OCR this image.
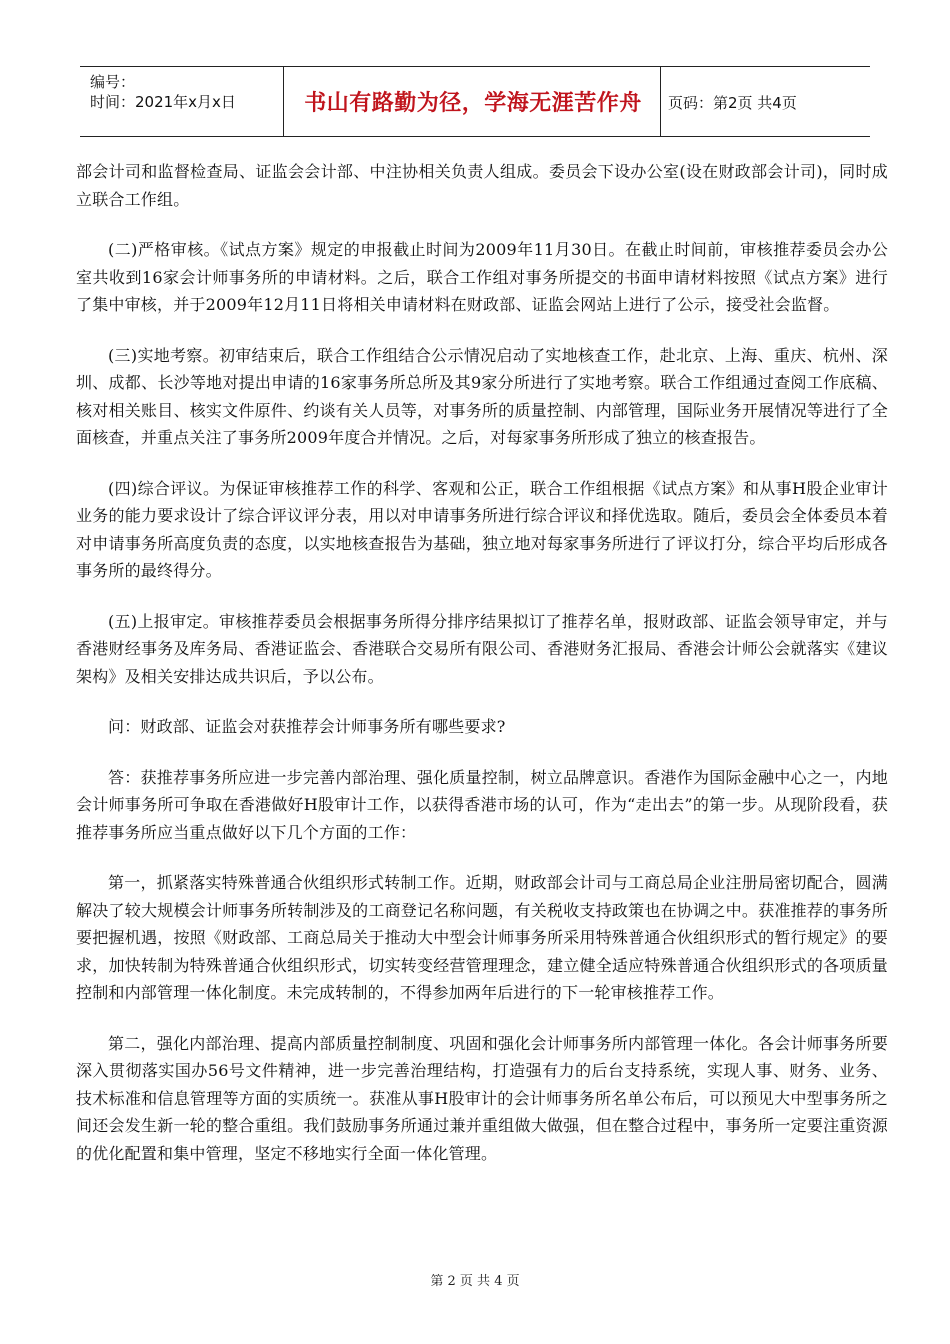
编号：
时间：2021年x月x日	书山有路勤为径，学海无涯苦作舟	页码：第2页 共4页

部会计司和监督检查局、证监会会计部、中注协相关负责人组成。委员会下设办公室(设在财政部会计司)，同时成立联合工作组。

(二)严格审核。《试点方案》规定的申报截止时间为2009年11月30日。在截止时间前，审核推荐委员会办公室共收到16家会计师事务所的申请材料。之后，联合工作组对事务所提交的书面申请材料按照《试点方案》进行了集中审核，并于2009年12月11日将相关申请材料在财政部、证监会网站上进行了公示，接受社会监督。

(三)实地考察。初审结束后，联合工作组结合公示情况启动了实地核查工作，赴北京、上海、重庆、杭州、深圳、成都、长沙等地对提出申请的16家事务所总所及其9家分所进行了实地考察。联合工作组通过查阅工作底稿、核对相关账目、核实文件原件、约谈有关人员等，对事务所的质量控制、内部管理，国际业务开展情况等进行了全面核查，并重点关注了事务所2009年度合并情况。之后，对每家事务所形成了独立的核查报告。

(四)综合评议。为保证审核推荐工作的科学、客观和公正，联合工作组根据《试点方案》和从事H股企业审计业务的能力要求设计了综合评议评分表，用以对申请事务所进行综合评议和择优选取。随后，委员会全体委员本着对申请事务所高度负责的态度，以实地核查报告为基础，独立地对每家事务所进行了评议打分，综合平均后形成各事务所的最终得分。

(五)上报审定。审核推荐委员会根据事务所得分排序结果拟订了推荐名单，报财政部、证监会领导审定，并与香港财经事务及库务局、香港证监会、香港联合交易所有限公司、香港财务汇报局、香港会计师公会就落实《建议架构》及相关安排达成共识后，予以公布。

问：财政部、证监会对获推荐会计师事务所有哪些要求?

答：获推荐事务所应进一步完善内部治理、强化质量控制，树立品牌意识。香港作为国际金融中心之一，内地会计师事务所可争取在香港做好H股审计工作，以获得香港市场的认可，作为“走出去”的第一步。从现阶段看，获推荐事务所应当重点做好以下几个方面的工作：

第一，抓紧落实特殊普通合伙组织形式转制工作。近期，财政部会计司与工商总局企业注册局密切配合，圆满解决了较大规模会计师事务所转制涉及的工商登记名称问题，有关税收支持政策也在协调之中。获准推荐的事务所要把握机遇，按照《财政部、工商总局关于推动大中型会计师事务所采用特殊普通合伙组织形式的暂行规定》的要求，加快转制为特殊普通合伙组织形式，切实转变经营管理理念，建立健全适应特殊普通合伙组织形式的各项质量控制和内部管理一体化制度。未完成转制的，不得参加两年后进行的下一轮审核推荐工作。

第二，强化内部治理、提高内部质量控制制度、巩固和强化会计师事务所内部管理一体化。各会计师事务所要深入贯彻落实国办56号文件精神，进一步完善治理结构，打造强有力的后台支持系统，实现人事、财务、业务、技术标准和信息管理等方面的实质统一。获准从事H股审计的会计师事务所名单公布后，可以预见大中型事务所之间还会发生新一轮的整合重组。我们鼓励事务所通过兼并重组做大做强，但在整合过程中，事务所一定要注重资源的优化配置和集中管理，坚定不移地实行全面一体化管理。

第 2 页 共 4 页
